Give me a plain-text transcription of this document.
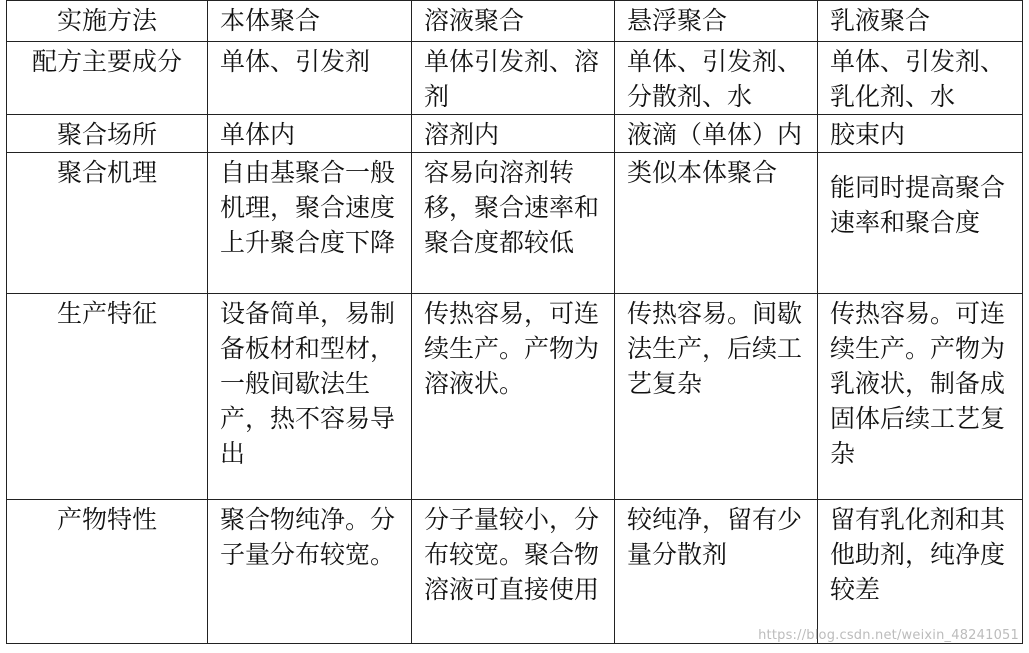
实施方法	本体聚合	溶液聚合	悬浮聚合	乳液聚合
配方主要成分	单体、引发剂	单体引发剂、溶剂	单体、引发剂、分散剂、水	单体、引发剂、乳化剂、水
聚合场所	单体内	溶剂内	液滴（单体）内	胶束内
聚合机理	自由基聚合一般机理，聚合速度上升聚合度下降	容易向溶剂转移，聚合速率和聚合度都较低	类似本体聚合	能同时提高聚合速率和聚合度

生产特征	设备简单，易制备板材和型材，一般间歇法生产，热不容易导出	传热容易，可连续生产。产物为溶液状。	传热容易。间歇法生产，后续工艺复杂	传热容易。可连续生产。产物为乳液状，制备成固体后续工艺复杂
产物特性	聚合物纯净。分子量分布较宽。	分子量较小，分布较宽。聚合物溶液可直接使用	较纯净，留有少量分散剂	留有乳化剂和其他助剂，纯净度较差
https://blog.csdn.net/weixin_48241051
